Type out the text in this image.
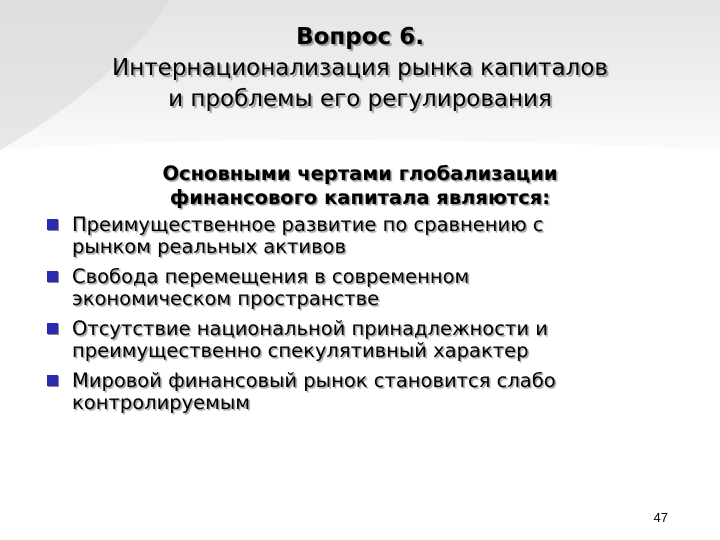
Вопрос 6.
Интернационализация рынка капиталов
и проблемы его регулирования
Основными чертами глобализации
финансового капитала являются:
Преимущественное развитие по сравнению с
рынком реальных активов
Свобода перемещения в современном
экономическом пространстве
Отсутствие национальной принадлежности и
преимущественно спекулятивный характер
Мировой финансовый рынок становится слабо
контролируемым
47
